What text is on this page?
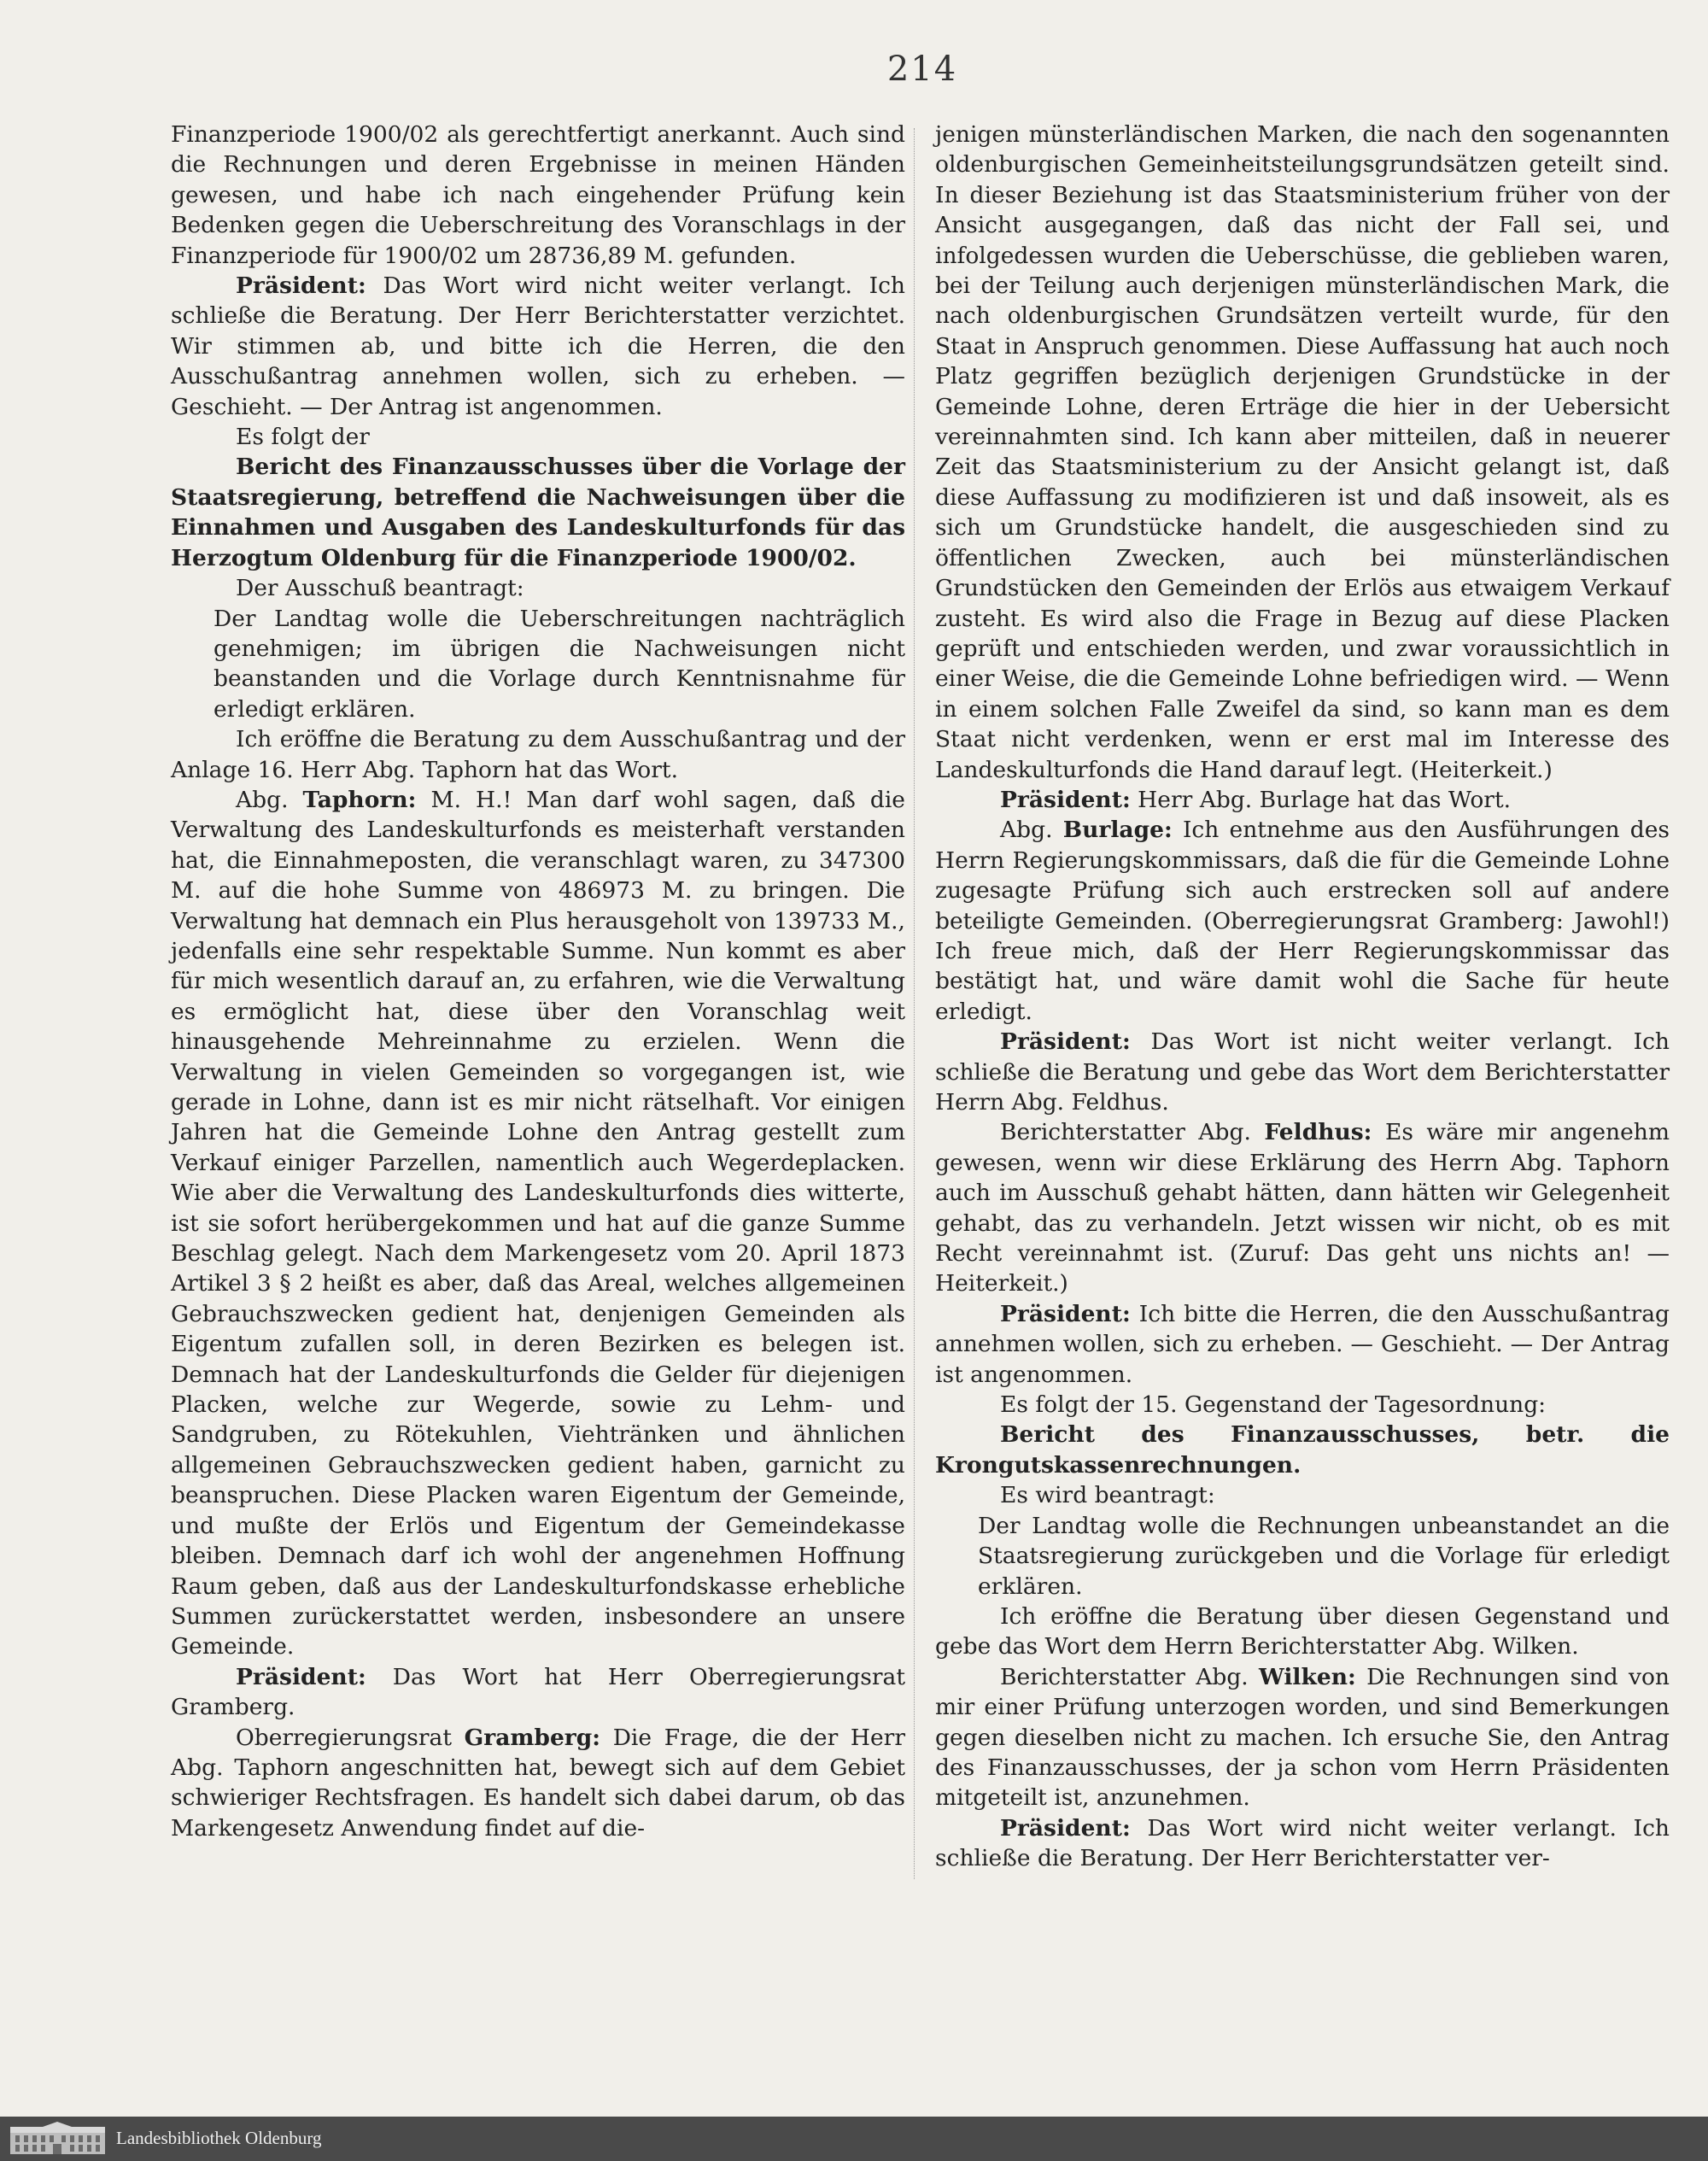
214

Finanzperiode 1900/02 als gerechtfertigt anerkannt. Auch sind die Rechnungen und deren Ergebnisse in meinen Händen gewesen, und habe ich nach eingehender Prüfung kein Bedenken gegen die Ueberschreitung des Voranschlags in der Finanzperiode für 1900/02 um 28736,89 M. gefunden.

Präsident: Das Wort wird nicht weiter verlangt. Ich schließe die Beratung. Der Herr Berichterstatter verzichtet. Wir stimmen ab, und bitte ich die Herren, die den Ausschußantrag annehmen wollen, sich zu erheben. — Geschieht. — Der Antrag ist angenommen.

Es folgt der

Bericht des Finanzausschusses über die Vorlage der Staatsregierung, betreffend die Nachweisungen über die Einnahmen und Ausgaben des Landeskulturfonds für das Herzogtum Oldenburg für die Finanzperiode 1900/02.

Der Ausschuß beantragt:

Der Landtag wolle die Ueberschreitungen nachträglich genehmigen; im übrigen die Nachweisungen nicht beanstanden und die Vorlage durch Kenntnisnahme für erledigt erklären.

Ich eröffne die Beratung zu dem Ausschußantrag und der Anlage 16. Herr Abg. Taphorn hat das Wort.

Abg. Taphorn: M. H.! Man darf wohl sagen, daß die Verwaltung des Landeskulturfonds es meisterhaft verstanden hat, die Einnahmeposten, die veranschlagt waren, zu 347300 M. auf die hohe Summe von 486973 M. zu bringen. Die Verwaltung hat demnach ein Plus herausgeholt von 139733 M., jedenfalls eine sehr respektable Summe. Nun kommt es aber für mich wesentlich darauf an, zu erfahren, wie die Verwaltung es ermöglicht hat, diese über den Voranschlag weit hinausgehende Mehreinnahme zu erzielen. Wenn die Verwaltung in vielen Gemeinden so vorgegangen ist, wie gerade in Lohne, dann ist es mir nicht rätselhaft. Vor einigen Jahren hat die Gemeinde Lohne den Antrag gestellt zum Verkauf einiger Parzellen, namentlich auch Wegerdeplacken. Wie aber die Verwaltung des Landeskulturfonds dies witterte, ist sie sofort herübergekommen und hat auf die ganze Summe Beschlag gelegt. Nach dem Markengesetz vom 20. April 1873 Artikel 3 § 2 heißt es aber, daß das Areal, welches allgemeinen Gebrauchszwecken gedient hat, denjenigen Gemeinden als Eigentum zufallen soll, in deren Bezirken es belegen ist. Demnach hat der Landeskulturfonds die Gelder für diejenigen Placken, welche zur Wegerde, sowie zu Lehm- und Sandgruben, zu Rötekuhlen, Viehtränken und ähnlichen allgemeinen Gebrauchszwecken gedient haben, garnicht zu beanspruchen. Diese Placken waren Eigentum der Gemeinde, und mußte der Erlös und Eigentum der Gemeindekasse bleiben. Demnach darf ich wohl der angenehmen Hoffnung Raum geben, daß aus der Landeskulturfondskasse erhebliche Summen zurückerstattet werden, insbesondere an unsere Gemeinde.

Präsident: Das Wort hat Herr Oberregierungsrat Gramberg.

Oberregierungsrat Gramberg: Die Frage, die der Herr Abg. Taphorn angeschnitten hat, bewegt sich auf dem Gebiet schwieriger Rechtsfragen. Es handelt sich dabei darum, ob das Markengesetz Anwendung findet auf die-

jenigen münsterländischen Marken, die nach den sogenannten oldenburgischen Gemeinheitsteilungsgrundsätzen geteilt sind. In dieser Beziehung ist das Staatsministerium früher von der Ansicht ausgegangen, daß das nicht der Fall sei, und infolgedessen wurden die Ueberschüsse, die geblieben waren, bei der Teilung auch derjenigen münsterländischen Mark, die nach oldenburgischen Grundsätzen verteilt wurde, für den Staat in Anspruch genommen. Diese Auffassung hat auch noch Platz gegriffen bezüglich derjenigen Grundstücke in der Gemeinde Lohne, deren Erträge die hier in der Uebersicht vereinnahmten sind. Ich kann aber mitteilen, daß in neuerer Zeit das Staatsministerium zu der Ansicht gelangt ist, daß diese Auffassung zu modifizieren ist und daß insoweit, als es sich um Grundstücke handelt, die ausgeschieden sind zu öffentlichen Zwecken, auch bei münsterländischen Grundstücken den Gemeinden der Erlös aus etwaigem Verkauf zusteht. Es wird also die Frage in Bezug auf diese Placken geprüft und entschieden werden, und zwar voraussichtlich in einer Weise, die die Gemeinde Lohne befriedigen wird. — Wenn in einem solchen Falle Zweifel da sind, so kann man es dem Staat nicht verdenken, wenn er erst mal im Interesse des Landeskulturfonds die Hand darauf legt. (Heiterkeit.)

Präsident: Herr Abg. Burlage hat das Wort.

Abg. Burlage: Ich entnehme aus den Ausführungen des Herrn Regierungskommissars, daß die für die Gemeinde Lohne zugesagte Prüfung sich auch erstrecken soll auf andere beteiligte Gemeinden. (Oberregierungsrat Gramberg: Jawohl!) Ich freue mich, daß der Herr Regierungskommissar das bestätigt hat, und wäre damit wohl die Sache für heute erledigt.

Präsident: Das Wort ist nicht weiter verlangt. Ich schließe die Beratung und gebe das Wort dem Berichterstatter Herrn Abg. Feldhus.

Berichterstatter Abg. Feldhus: Es wäre mir angenehm gewesen, wenn wir diese Erklärung des Herrn Abg. Taphorn auch im Ausschuß gehabt hätten, dann hätten wir Gelegenheit gehabt, das zu verhandeln. Jetzt wissen wir nicht, ob es mit Recht vereinnahmt ist. (Zuruf: Das geht uns nichts an! — Heiterkeit.)

Präsident: Ich bitte die Herren, die den Ausschußantrag annehmen wollen, sich zu erheben. — Geschieht. — Der Antrag ist angenommen.

Es folgt der 15. Gegenstand der Tagesordnung:

Bericht des Finanzausschusses, betr. die Krongutskassenrechnungen.

Es wird beantragt:

Der Landtag wolle die Rechnungen unbeanstandet an die Staatsregierung zurückgeben und die Vorlage für erledigt erklären.

Ich eröffne die Beratung über diesen Gegenstand und gebe das Wort dem Herrn Berichterstatter Abg. Wilken.

Berichterstatter Abg. Wilken: Die Rechnungen sind von mir einer Prüfung unterzogen worden, und sind Bemerkungen gegen dieselben nicht zu machen. Ich ersuche Sie, den Antrag des Finanzausschusses, der ja schon vom Herrn Präsidenten mitgeteilt ist, anzunehmen.

Präsident: Das Wort wird nicht weiter verlangt. Ich schließe die Beratung. Der Herr Berichterstatter ver-

Landesbibliothek Oldenburg
